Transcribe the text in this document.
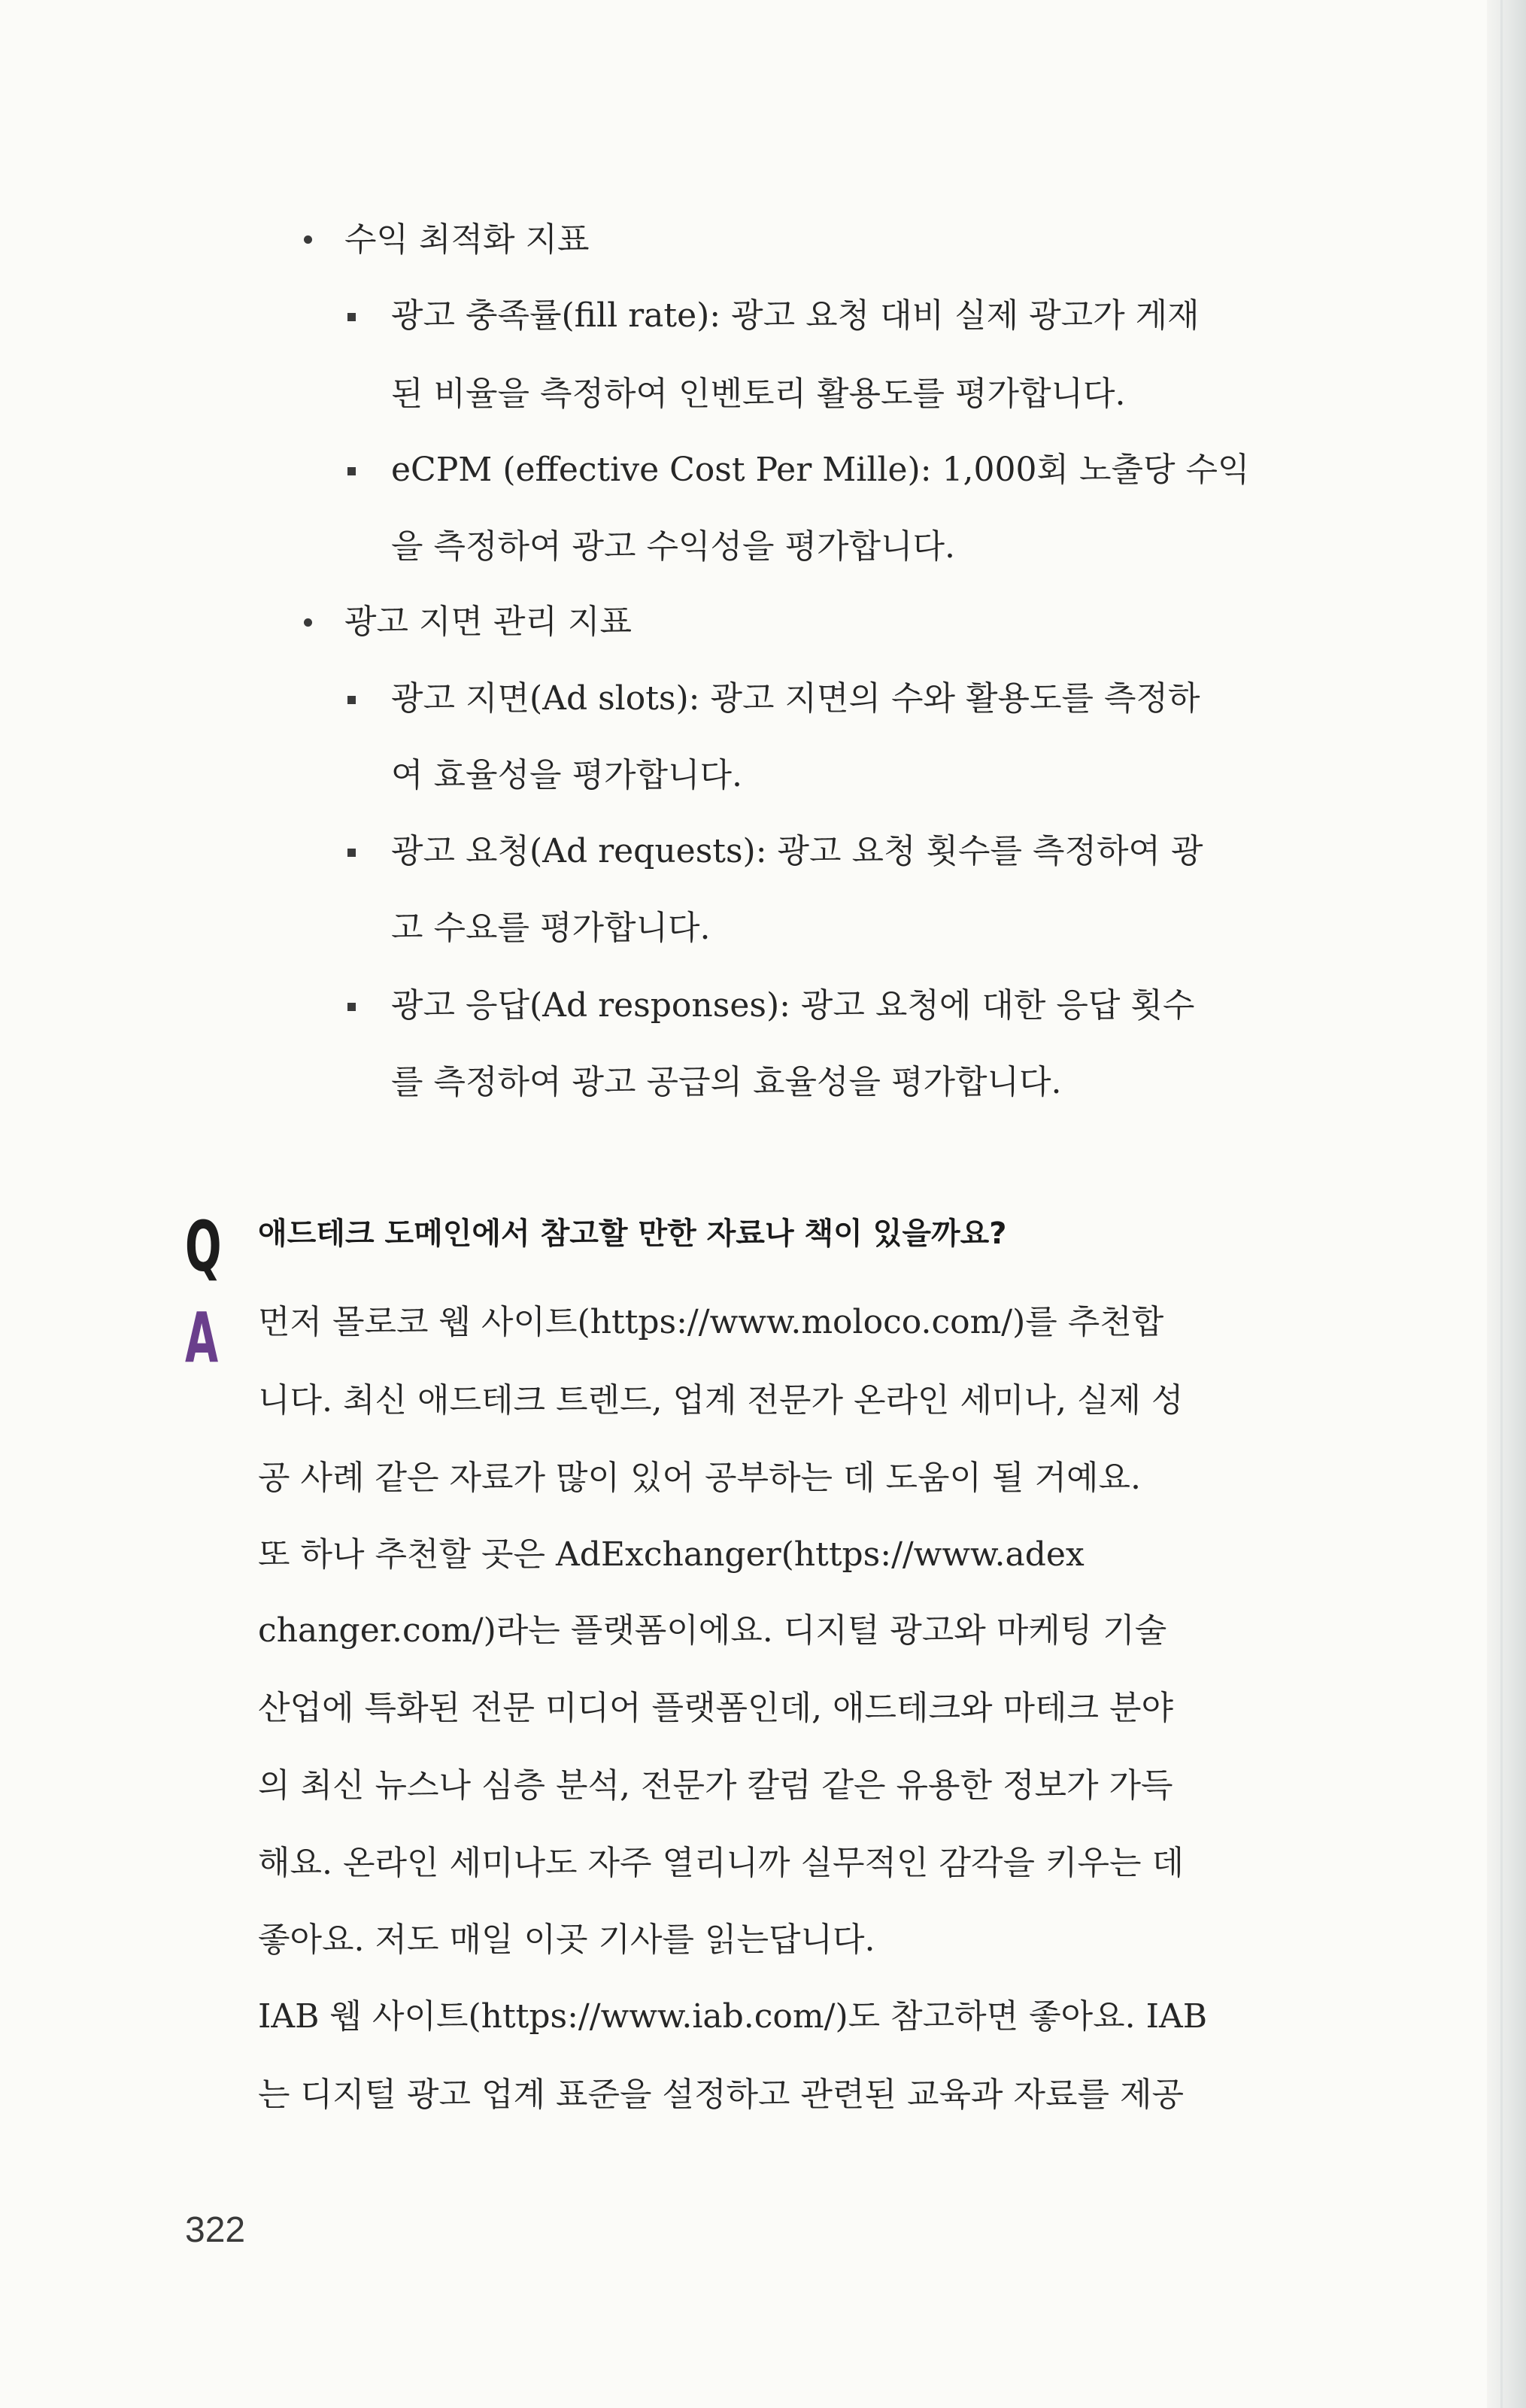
수익 최적화 지표
광고 충족률(fill rate): 광고 요청 대비 실제 광고가 게재
된 비율을 측정하여 인벤토리 활용도를 평가합니다.
eCPM (effective Cost Per Mille): 1,000회 노출당 수익
을 측정하여 광고 수익성을 평가합니다.
광고 지면 관리 지표
광고 지면(Ad slots): 광고 지면의 수와 활용도를 측정하
여 효율성을 평가합니다.
광고 요청(Ad requests): 광고 요청 횟수를 측정하여 광
고 수요를 평가합니다.
광고 응답(Ad responses): 광고 요청에 대한 응답 횟수
를 측정하여 광고 공급의 효율성을 평가합니다.
Q 애드테크 도메인에서 참고할 만한 자료나 책이 있을까요?
A 먼저 몰로코 웹 사이트(https://www.moloco.com/)를 추천합
니다. 최신 애드테크 트렌드, 업계 전문가 온라인 세미나, 실제 성
공 사례 같은 자료가 많이 있어 공부하는 데 도움이 될 거예요.
또 하나 추천할 곳은 AdExchanger(https://www.adex
changer.com/)라는 플랫폼이에요. 디지털 광고와 마케팅 기술
산업에 특화된 전문 미디어 플랫폼인데, 애드테크와 마테크 분야
의 최신 뉴스나 심층 분석, 전문가 칼럼 같은 유용한 정보가 가득
해요. 온라인 세미나도 자주 열리니까 실무적인 감각을 키우는 데
좋아요. 저도 매일 이곳 기사를 읽는답니다.
IAB 웹 사이트(https://www.iab.com/)도 참고하면 좋아요. IAB
는 디지털 광고 업계 표준을 설정하고 관련된 교육과 자료를 제공
322
